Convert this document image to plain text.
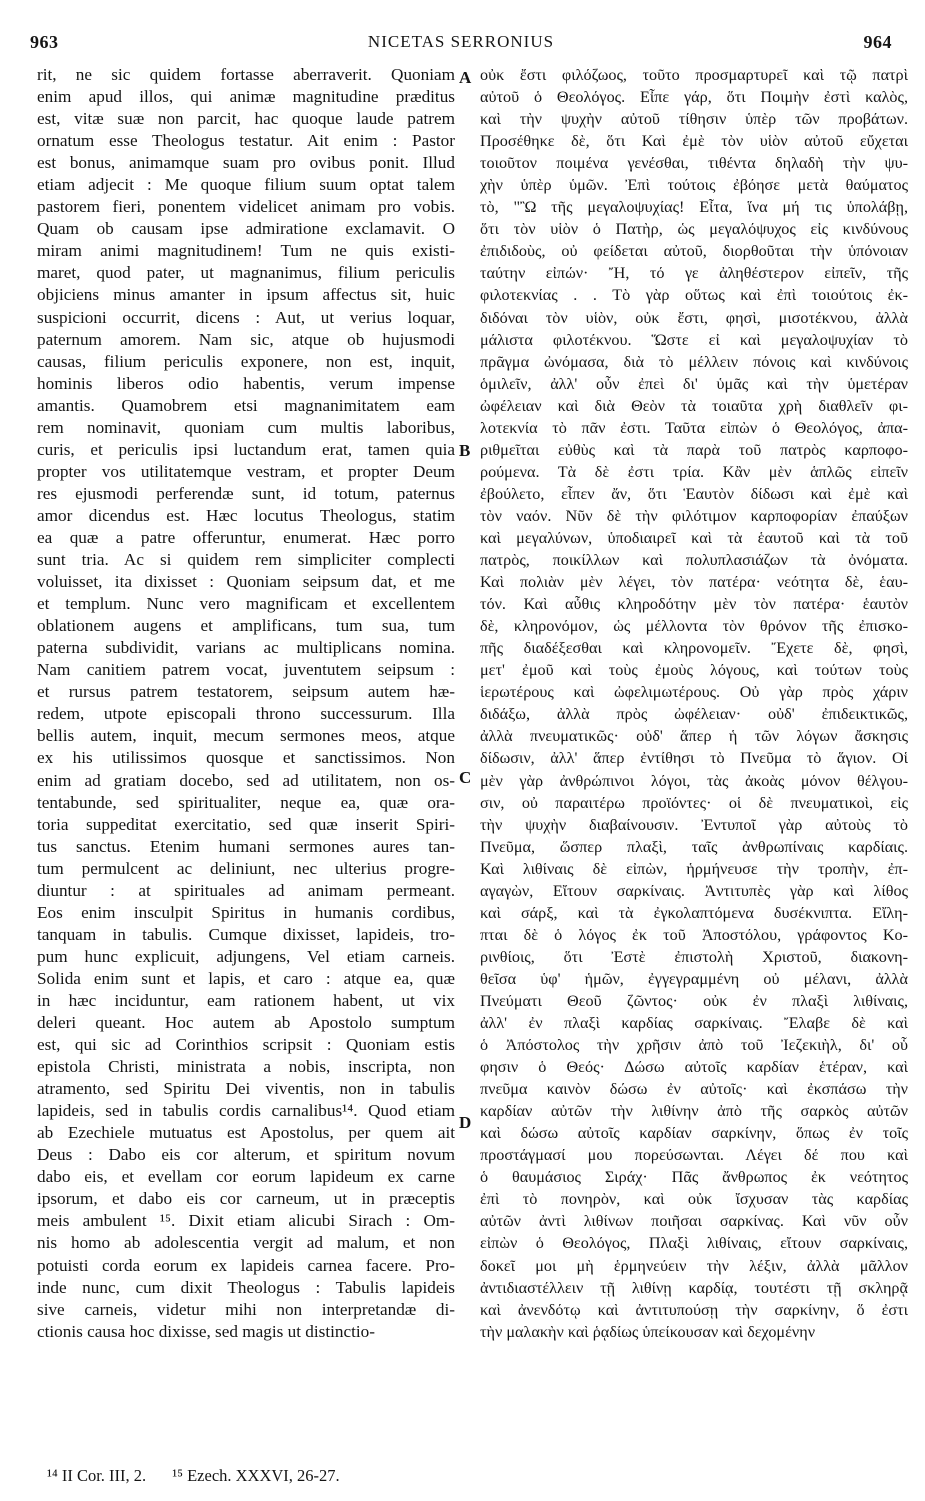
963	NICETAS SERRONIUS	964
rit, ne sic quidem fortasse aberraverit. Quoniam
enim apud illos, qui animæ magnitudine præditus
est, vitæ suæ non parcit, hac quoque laude patrem
ornatum esse Theologus testatur. Ait enim : Pastor
est bonus, animamque suam pro ovibus ponit. Illud
etiam adjecit : Me quoque filium suum optat talem
pastorem fieri, ponentem videlicet animam pro vobis.
Quam ob causam ipse admiratione exclamavit. O
miram animi magnitudinem! Tum ne quis existi-
maret, quod pater, ut magnanimus, filium periculis
objiciens minus amanter in ipsum affectus sit, huic
suspicioni occurrit, dicens : Aut, ut verius loquar,
paternum amorem. Nam sic, atque ob hujusmodi
causas, filium periculis exponere, non est, inquit,
hominis liberos odio habentis, verum impense
amantis. Quamobrem etsi magnanimitatem eam
rem nominavit, quoniam cum multis laboribus,
curis, et periculis ipsi luctandum erat, tamen quia
propter vos utilitatemque vestram, et propter Deum
res ejusmodi perferendæ sunt, id totum, paternus
amor dicendus est. Hæc locutus Theologus, statim
ea quæ a patre offeruntur, enumerat. Hæc porro
sunt tria. Ac si quidem rem simpliciter complecti
voluisset, ita dixisset : Quoniam seipsum dat, et me
et templum. Nunc vero magnificam et excellentem
oblationem augens et amplificans, tum sua, tum
paterna subdividit, varians ac multiplicans nomina.
Nam canitiem patrem vocat, juventutem seipsum :
et rursus patrem testatorem, seipsum autem hæ-
redem, utpote episcopali throno successurum. Illa
bellis autem, inquit, mecum sermones meos, atque
ex his utilissimos quosque et sanctissimos. Non
enim ad gratiam docebo, sed ad utilitatem, non os-
tentabunde, sed spiritualiter, neque ea, quæ ora-
toria suppeditat exercitatio, sed quæ inserit Spiri-
tus sanctus. Etenim humani sermones aures tan-
tum permulcent ac deliniunt, nec ulterius progre-
diuntur : at spirituales ad animam permeant.
Eos enim insculpit Spiritus in humanis cordibus,
tanquam in tabulis. Cumque dixisset, lapideis, tro-
pum hunc explicuit, adjungens, Vel etiam carneis.
Solida enim sunt et lapis, et caro : atque ea, quæ
in hæc inciduntur, eam rationem habent, ut vix
deleri queant. Hoc autem ab Apostolo sumptum
est, qui sic ad Corinthios scripsit : Quoniam estis
epistola Christi, ministrata a nobis, inscripta, non
atramento, sed Spiritu Dei viventis, non in tabulis
lapideis, sed in tabulis cordis carnalibus¹⁴. Quod etiam
ab Ezechiele mutuatus est Apostolus, per quem ait
Deus : Dabo eis cor alterum, et spiritum novum
dabo eis, et evellam cor eorum lapideum ex carne
ipsorum, et dabo eis cor carneum, ut in præceptis
meis ambulent ¹⁵. Dixit etiam alicubi Sirach : Om-
nis homo ab adolescentia vergit ad malum, et non
potuisti corda eorum ex lapideis carnea facere. Pro-
inde nunc, cum dixit Theologus : Tabulis lapideis
sive carneis, videtur mihi non interpretandæ di-
ctionis causa hoc dixisse, sed magis ut distinctio-
A
B
C
D
οὐκ ἔστι φιλόζωος, τοῦτο προσμαρτυρεῖ καὶ τῷ πατρὶ
αὐτοῦ ὁ Θεολόγος. Εἶπε γάρ, ὅτι Ποιμὴν ἐστὶ καλὸς,
καὶ τὴν ψυχὴν αὐτοῦ τίθησιν ὑπὲρ τῶν προβάτων.
Προσέθηκε δὲ, ὅτι Καὶ ἐμὲ τὸν υἱὸν αὐτοῦ εὔχεται
τοιοῦτον ποιμένα γενέσθαι, τιθέντα δηλαδὴ τὴν ψυ-
χὴν ὑπὲρ ὑμῶν. Ἐπὶ τούτοις ἐβόησε μετὰ θαύματος
τὸ, "Ὢ τῆς μεγαλοψυχίας! Εἶτα, ἵνα μή τις ὑπολάβῃ,
ὅτι τὸν υἱὸν ὁ Πατὴρ, ὡς μεγαλόψυχος εἰς κινδύνους
ἐπιδιδοὺς, οὐ φείδεται αὐτοῦ, διορθοῦται τὴν ὑπόνοιαν
ταύτην εἰπών· Ἤ, τό γε ἀληθέστερον εἰπεῖν, τῆς
φιλοτεκνίας . . Τὸ γὰρ οὕτως καὶ ἐπὶ τοιούτοις ἐκ-
διδόναι τὸν υἱὸν, οὐκ ἔστι, φησὶ, μισοτέκνου, ἀλλὰ
μάλιστα φιλοτέκνου. Ὥστε εἰ καὶ μεγαλοψυχίαν τὸ
πρᾶγμα ὠνόμασα, διὰ τὸ μέλλειν πόνοις καὶ κινδύνοις
ὁμιλεῖν, ἀλλ' οὖν ἐπεὶ δι' ὑμᾶς καὶ τὴν ὑμετέραν
ὠφέλειαν καὶ διὰ Θεὸν τὰ τοιαῦτα χρὴ διαθλεῖν φι-
λοτεκνία τὸ πᾶν ἐστι. Ταῦτα εἰπὼν ὁ Θεολόγος, ἀπα-
ριθμεῖται εὐθὺς καὶ τὰ παρὰ τοῦ πατρὸς καρποφο-
ρούμενα. Τὰ δὲ ἐστι τρία. Κἂν μὲν ἁπλῶς εἰπεῖν
ἐβούλετο, εἶπεν ἄν, ὅτι Ἑαυτὸν δίδωσι καὶ ἐμὲ καὶ
τὸν ναόν. Νῦν δὲ τὴν φιλότιμον καρποφορίαν ἐπαύξων
καὶ μεγαλύνων, ὑποδιαιρεῖ καὶ τὰ ἑαυτοῦ καὶ τὰ τοῦ
πατρὸς, ποικίλλων καὶ πολυπλασιάζων τὰ ὀνόματα.
Καὶ πολιὰν μὲν λέγει, τὸν πατέρα· νεότητα δὲ, ἑαυ-
τόν. Καὶ αὖθις κληροδότην μὲν τὸν πατέρα· ἑαυτὸν
δὲ, κληρονόμον, ὡς μέλλοντα τὸν θρόνον τῆς ἐπισκο-
πῆς διαδέξεσθαι καὶ κληρονομεῖν. Ἔχετε δὲ, φησὶ,
μετ' ἐμοῦ καὶ τοὺς ἐμοὺς λόγους, καὶ τούτων τοὺς
ἱερωτέρους καὶ ὠφελιμωτέρους. Οὐ γὰρ πρὸς χάριν
διδάξω, ἀλλὰ πρὸς ὠφέλειαν· οὐδ' ἐπιδεικτικῶς,
ἀλλὰ πνευματικῶς· οὐδ' ἅπερ ἡ τῶν λόγων ἄσκησις
δίδωσιν, ἀλλ' ἅπερ ἐντίθησι τὸ Πνεῦμα τὸ ἅγιον. Οἱ
μὲν γὰρ ἀνθρώπινοι λόγοι, τὰς ἀκοὰς μόνον θέλγου-
σιν, οὐ παραιτέρω προϊόντες· οἱ δὲ πνευματικοὶ, εἰς
τὴν ψυχὴν διαβαίνουσιν. Ἐντυποῖ γὰρ αὐτοὺς τὸ
Πνεῦμα, ὥσπερ πλαξὶ, ταῖς ἀνθρωπίναις καρδίαις.
Καὶ λιθίναις δὲ εἰπὼν, ἡρμήνευσε τὴν τροπὴν, ἐπ-
αγαγὼν, Εἴτουν σαρκίναις. Ἀντιτυπὲς γὰρ καὶ λίθος
καὶ σάρξ, καὶ τὰ ἐγκολαπτόμενα δυσέκνιπτα. Εἴλη-
πται δὲ ὁ λόγος ἐκ τοῦ Ἀποστόλου, γράφοντος Κο-
ρινθίοις, ὅτι Ἐστὲ ἐπιστολὴ Χριστοῦ, διακονη-
θεῖσα ὑφ' ἡμῶν, ἐγγεγραμμένη οὐ μέλανι, ἀλλὰ
Πνεύματι Θεοῦ ζῶντος· οὐκ ἐν πλαξὶ λιθίναις,
ἀλλ' ἐν πλαξὶ καρδίας σαρκίναις. Ἔλαβε δὲ καὶ
ὁ Ἀπόστολος τὴν χρῆσιν ἀπὸ τοῦ Ἰεζεκιὴλ, δι' οὗ
φησιν ὁ Θεός· Δώσω αὐτοῖς καρδίαν ἑτέραν, καὶ
πνεῦμα καινὸν δώσω ἐν αὐτοῖς· καὶ ἐκσπάσω τὴν
καρδίαν αὐτῶν τὴν λιθίνην ἀπὸ τῆς σαρκὸς αὐτῶν
καὶ δώσω αὐτοῖς καρδίαν σαρκίνην, ὅπως ἐν τοῖς
προστάγμασί μου πορεύσωνται. Λέγει δέ που καὶ
ὁ θαυμάσιος Σιράχ· Πᾶς ἄνθρωπος ἐκ νεότητος
ἐπὶ τὸ πονηρὸν, καὶ οὐκ ἴσχυσαν τὰς καρδίας
αὐτῶν ἀντὶ λιθίνων ποιῆσαι σαρκίνας. Καὶ νῦν οὖν
εἰπὼν ὁ Θεολόγος, Πλαξὶ λιθίναις, εἴτουν σαρκίναις,
δοκεῖ μοι μὴ ἑρμηνεύειν τὴν λέξιν, ἀλλὰ μᾶλλον
ἀντιδιαστέλλειν τῇ λιθίνῃ καρδίᾳ, τουτέστι τῇ σκληρᾷ
καὶ ἀνενδότῳ καὶ ἀντιτυπούσῃ τὴν σαρκίνην, ὅ ἐστι
τὴν μαλακὴν καὶ ῥᾳδίως ὑπείκουσαν καὶ δεχομένην
¹⁴ II Cor. III, 2. ¹⁵ Ezech. XXXVI, 26-27.
